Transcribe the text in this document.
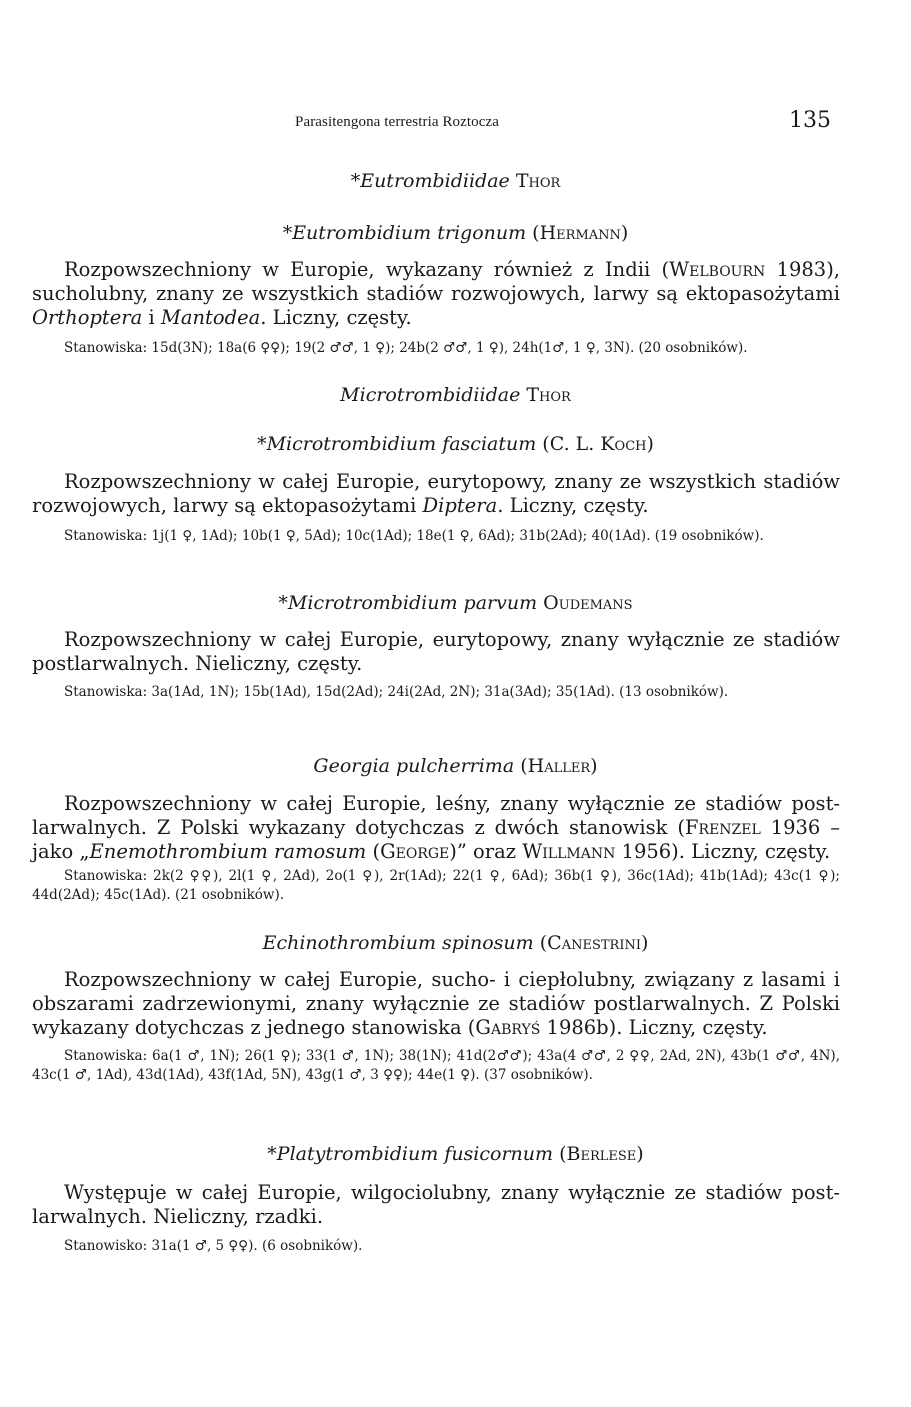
Parasitengona terrestria Roztocza	135
*Eutrombidiidae Thor
*Eutrombidium trigonum (Hermann)
Rozpowszechniony w Europie, wykazany również z Indii (Welbourn 1983), sucholubny, znany ze wszystkich stadiów rozwojowych, larwy są ektopasożytami Orthoptera i Mantodea. Liczny, częsty.
Stanowiska: 15d(3N); 18a(6 ♀♀); 19(2 ♂♂, 1 ♀); 24b(2 ♂♂, 1 ♀), 24h(1♂, 1 ♀, 3N). (20 osobników).
Microtrombidiidae Thor
*Microtrombidium fasciatum (C. L. Koch)
Rozpowszechniony w całej Europie, eurytopowy, znany ze wszystkich stadiów rozwojowych, larwy są ektopasożytami Diptera. Liczny, częsty.
Stanowiska: 1j(1 ♀, 1Ad); 10b(1 ♀, 5Ad); 10c(1Ad); 18e(1 ♀, 6Ad); 31b(2Ad); 40(1Ad). (19 osobników).
*Microtrombidium parvum Oudemans
Rozpowszechniony w całej Europie, eurytopowy, znany wyłącznie ze stadiów postlarwalnych. Nieliczny, częsty.
Stanowiska: 3a(1Ad, 1N); 15b(1Ad), 15d(2Ad); 24i(2Ad, 2N); 31a(3Ad); 35(1Ad). (13 osobników).
Georgia pulcherrima (Haller)
Rozpowszechniony w całej Europie, leśny, znany wyłącznie ze stadiów post-larwalnych. Z Polski wykazany dotychczas z dwóch stanowisk (Frenzel 1936 – jako „Enemothrombium ramosum (George)” oraz Willmann 1956). Liczny, częsty.
Stanowiska: 2k(2 ♀♀), 2l(1 ♀, 2Ad), 2o(1 ♀), 2r(1Ad); 22(1 ♀, 6Ad); 36b(1 ♀), 36c(1Ad); 41b(1Ad); 43c(1 ♀); 44d(2Ad); 45c(1Ad). (21 osobników).
Echinothrombium spinosum (Canestrini)
Rozpowszechniony w całej Europie, sucho- i ciepłolubny, związany z lasami i obszarami zadrzewionymi, znany wyłącznie ze stadiów postlarwalnych. Z Polski wykazany dotychczas z jednego stanowiska (Gabryś 1986b). Liczny, częsty.
Stanowiska: 6a(1 ♂, 1N); 26(1 ♀); 33(1 ♂, 1N); 38(1N); 41d(2♂♂); 43a(4 ♂♂, 2 ♀♀, 2Ad, 2N), 43b(1 ♂♂, 4N), 43c(1 ♂, 1Ad), 43d(1Ad), 43f(1Ad, 5N), 43g(1 ♂, 3 ♀♀); 44e(1 ♀). (37 osobników).
*Platytrombidium fusicornum (Berlese)
Występuje w całej Europie, wilgociolubny, znany wyłącznie ze stadiów post-larwalnych. Nieliczny, rzadki.
Stanowisko: 31a(1 ♂, 5 ♀♀). (6 osobników).
